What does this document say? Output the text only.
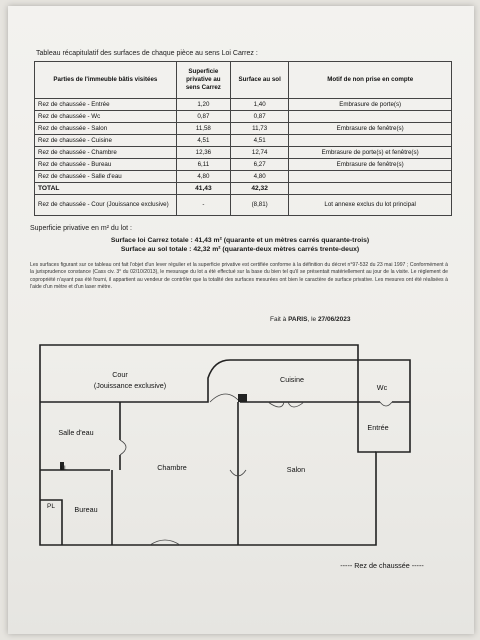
Tableau récapitulatif des surfaces de chaque pièce au sens Loi Carrez :
Parties de l'immeuble bâtis visitées	Superficie privative au sens Carrez	Surface au sol	Motif de non prise en compte
Rez de chaussée - Entrée	1,20	1,40	Embrasure de porte(s)
Rez de chaussée - Wc	0,87	0,87	
Rez de chaussée - Salon	11,58	11,73	Embrasure de fenêtre(s)
Rez de chaussée - Cuisine	4,51	4,51	
Rez de chaussée - Chambre	12,36	12,74	Embrasure de porte(s) et fenêtre(s)
Rez de chaussée - Bureau	6,11	6,27	Embrasure de fenêtre(s)
Rez de chaussée - Salle d'eau	4,80	4,80	
TOTAL	41,43	42,32	
Rez de chaussée - Cour (Jouissance exclusive)	-	(8,81)	Lot annexe exclus du lot principal
Superficie privative en m² du lot :
Surface loi Carrez totale : 41,43 m² (quarante et un mètres carrés quarante-trois)
Surface au sol totale : 42,32 m² (quarante-deux mètres carrés trente-deux)
Les surfaces figurant sur ce tableau ont fait l'objet d'un lever régulier et la superficie privative est certifiée conforme à la définition du décret n°97-532 du 23 mai 1997 ; Conformément à la jurisprudence constance (Cass civ. 3° du 02/10/2013), le mesurage du lot a été effectué sur la base du bien tel qu'il se présentait matériellement au jour de la visite. Le règlement de copropriété n'ayant pas été fourni, il appartient au vendeur de contrôler que la totalité des surfaces mesurées ont bien le caractère de surface privative. Les mesures ont été réalisées à l'aide d'un mètre et d'un laser mètre.
Fait à PARIS, le 27/06/2023
Cour
(Jouissance exclusive)
Cuisine
Wc
Entrée
Salle d'eau
Chambre	Salon
Bureau
PL
LL
----- Rez de chaussée -----
